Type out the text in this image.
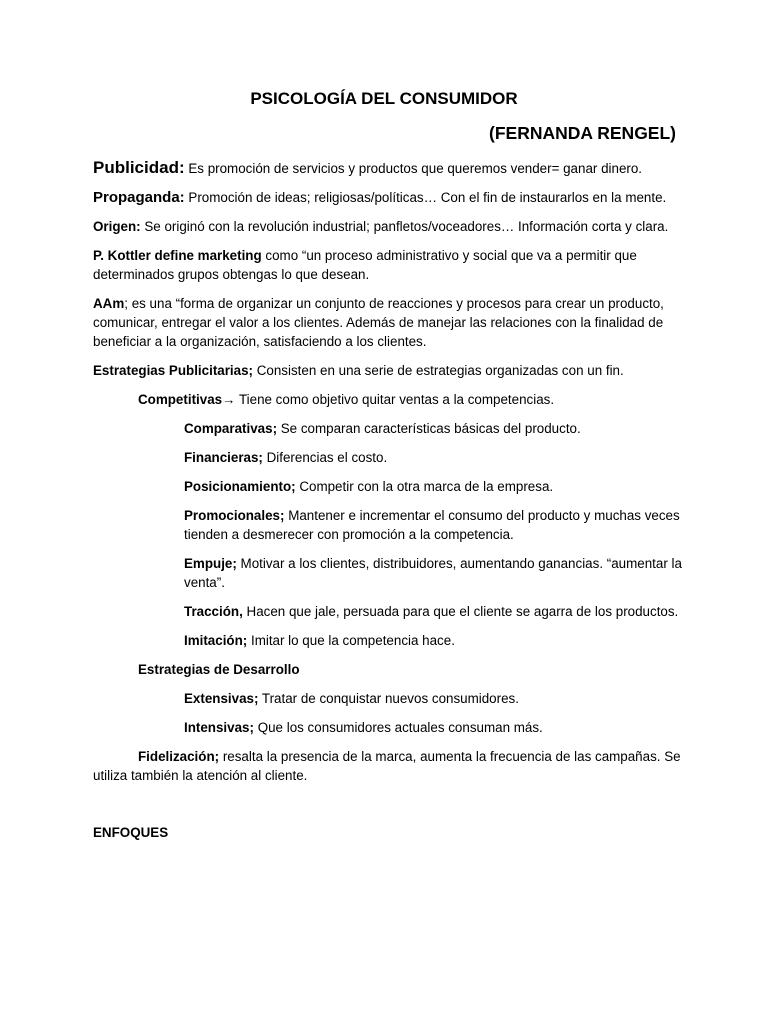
PSICOLOGÍA DEL CONSUMIDOR
(FERNANDA RENGEL)

Publicidad: Es promoción de servicios y productos que queremos vender= ganar dinero.

Propaganda: Promoción de ideas; religiosas/políticas… Con el fin de instaurarlos en la mente.

Origen: Se originó con la revolución industrial; panfletos/voceadores… Información corta y clara.

P. Kottler define marketing como “un proceso administrativo y social que va a permitir que determinados grupos obtengas lo que desean.

AAm; es una “forma de organizar un conjunto de reacciones y procesos para crear un producto, comunicar, entregar el valor a los clientes. Además de manejar las relaciones con la finalidad de beneficiar a la organización, satisfaciendo a los clientes.

Estrategias Publicitarias; Consisten en una serie de estrategias organizadas con un fin.

Competitivas→ Tiene como objetivo quitar ventas a la competencias.

Comparativas; Se comparan características básicas del producto.

Financieras; Diferencias el costo.

Posicionamiento; Competir con la otra marca de la empresa.

Promocionales; Mantener e incrementar el consumo del producto y muchas veces tienden a desmerecer con promoción a la competencia.

Empuje; Motivar a los clientes, distribuidores, aumentando ganancias. “aumentar la venta”.

Tracción, Hacen que jale, persuada para que el cliente se agarra de los productos.

Imitación; Imitar lo que la competencia hace.

Estrategias de Desarrollo

Extensivas; Tratar de conquistar nuevos consumidores.

Intensivas; Que los consumidores actuales consuman más.

Fidelización; resalta la presencia de la marca, aumenta la frecuencia de las campañas. Se utiliza también la atención al cliente.

ENFOQUES
